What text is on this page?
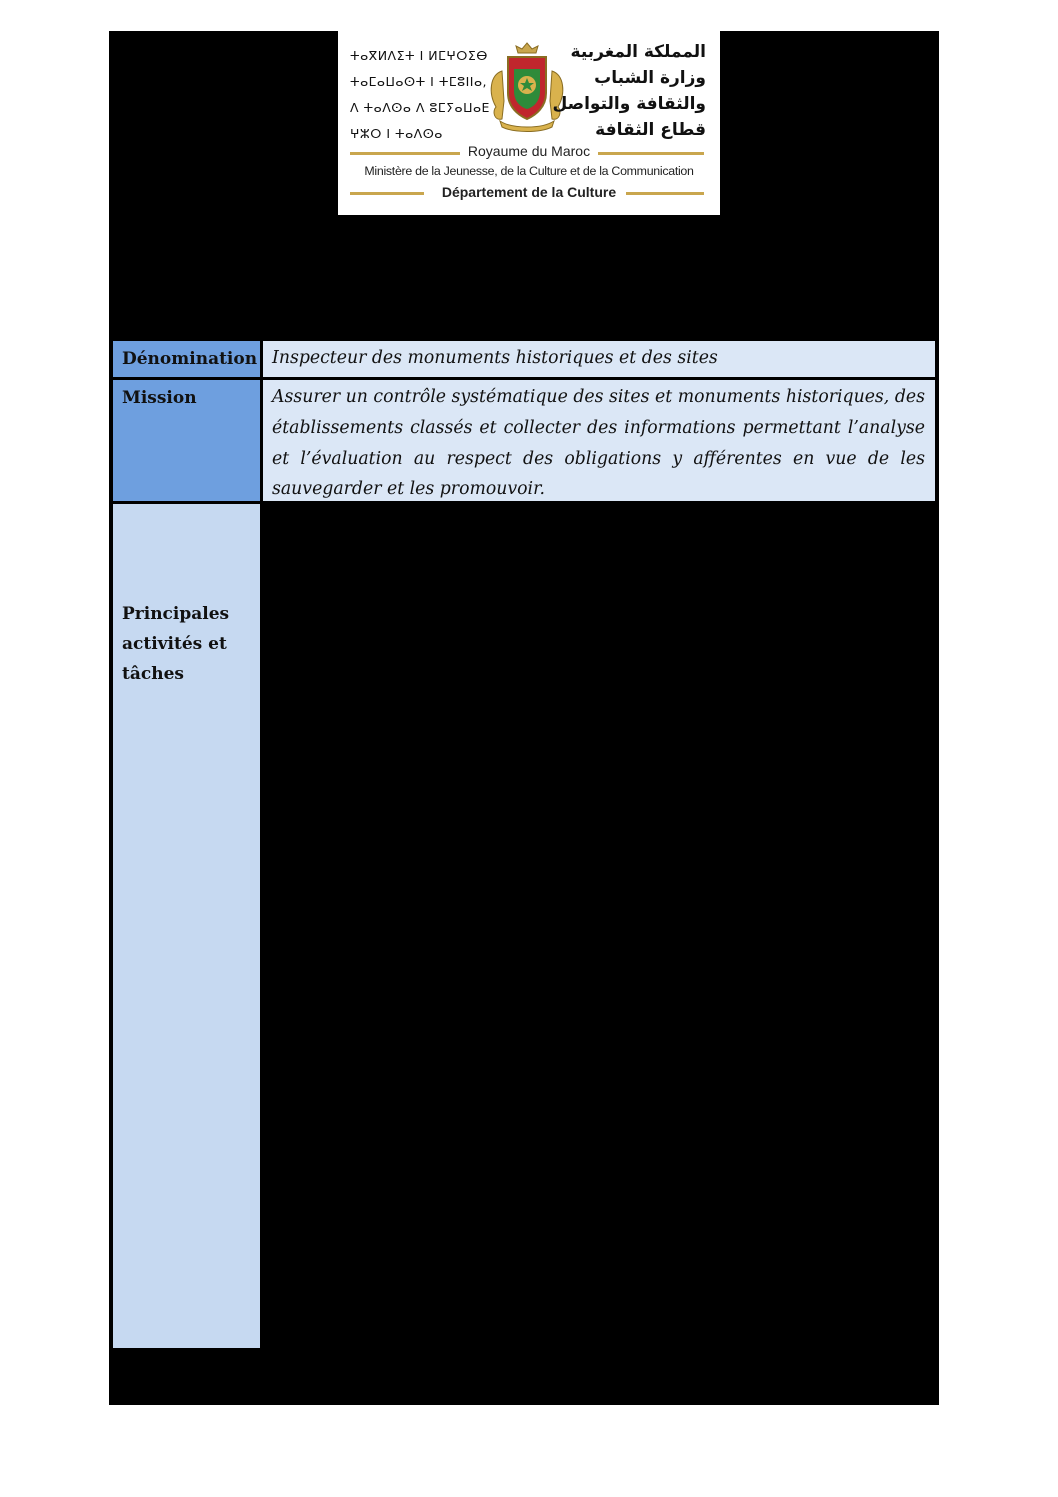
ⵜⴰⴳⵍⴷⵉⵜ ⵏ ⵍⵎⵖⵔⵉⴱ
ⵜⴰⵎⴰⵡⴰⵙⵜ ⵏ ⵜⵎⵓⵏⵏⴰ,
ⴷ ⵜⴰⴷⵙⴰ ⴷ ⵓⵎⵢⴰⵡⴰⴹ
ⵖⵣⵔ ⵏ ⵜⴰⴷⵙⴰ
المملكة المغربية
وزارة الشباب
والثقافة والتواصل
قطاع الثقافة
Royaume du Maroc
Ministère de la Jeunesse, de la Culture et de la Communication
Département de la Culture
Dénomination Inspecteur des monuments historiques et des sites
Mission	Assurer un contrôle systématique des sites et monuments historiques, des établissements classés et collecter des informations permettant l’analyse et l’évaluation au respect des obligations y afférentes en vue de les sauvegarder et les promouvoir.
Principales
activités et
tâches
